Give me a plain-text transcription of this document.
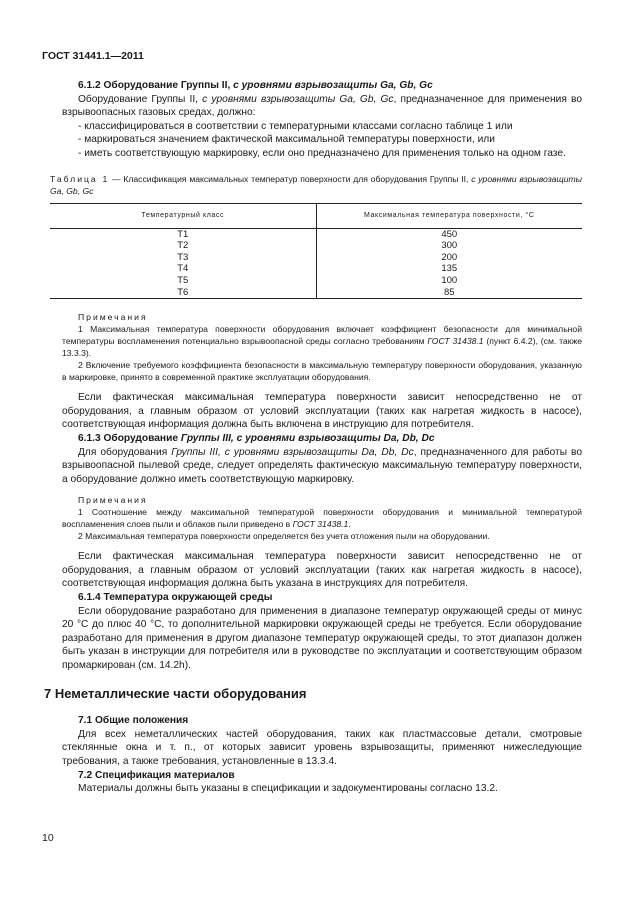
ГОСТ 31441.1—2011

6.1.2 Оборудование Группы II, с уровнями взрывозащиты Ga, Gb, Gc

Оборудование Группы II, с уровнями взрывозащиты Ga, Gb, Gc, предназначенное для применения во взрывоопасных газовых средах, должно:

- классифицироваться в соответствии с температурными классами согласно таблице 1 или

- маркироваться значением фактической максимальной температуры поверхности, или

- иметь соответствующую маркировку, если оно предназначено для применения только на одном газе.

Таблица 1 — Классификация максимальных температур поверхности для оборудования Группы II, с уровнями взрывозащиты Ga, Gb, Gc

Температурный класс	Максимальная температура поверхности, °С
T1	450
T2	300
T3	200
T4	135
T5	100
T6	85

Примечания

1 Максимальная температура поверхности оборудования включает коэффициент безопасности для минимальной температуры воспламенения потенциально взрывоопасной среды согласно требованиям ГОСТ 31438.1 (пункт 6.4.2), (см. также 13.3.3).

2 Включение требуемого коэффициента безопасности в максимальную температуру поверхности оборудования, указанную в маркировке, принято в современной практике эксплуатации оборудования.

Если фактическая максимальная температура поверхности зависит непосредственно не от оборудования, а главным образом от условий эксплуатации (таких как нагретая жидкость в насосе), соответствующая информация должна быть включена в инструкцию для потребителя.

6.1.3 Оборудование Группы III, с уровнями взрывозащиты Da, Db, Dc

Для оборудования Группы III, с уровнями взрывозащиты Da, Db, Dc, предназначенного для работы во взрывоопасной пылевой среде, следует определять фактическую максимальную температуру поверхности, а оборудование должно иметь соответствующую маркировку.

Примечания

1 Соотношение между максимальной температурой поверхности оборудования и минимальной температурой воспламенения слоев пыли и облаков пыли приведено в ГОСТ 31438.1.

2 Максимальная температура поверхности определяется без учета отложения пыли на оборудовании.

Если фактическая максимальная температура поверхности зависит непосредственно не от оборудования, а главным образом от условий эксплуатации (таких как нагретая жидкость в насосе), соответствующая информация должна быть указана в инструкциях для потребителя.

6.1.4 Температура окружающей среды

Если оборудование разработано для применения в диапазоне температур окружающей среды от минус 20 °С до плюс 40 °С, то дополнительной маркировки окружающей среды не требуется. Если оборудование разработано для применения в другом диапазоне температур окружающей среды, то этот диапазон должен быть указан в инструкции для потребителя или в руководстве по эксплуатации и соответствующим образом промаркирован (см. 14.2h).

7 Неметаллические части оборудования

7.1 Общие положения

Для всех неметаллических частей оборудования, таких как пластмассовые детали, смотровые стеклянные окна и т. п., от которых зависит уровень взрывозащиты, применяют нижеследующие требования, а также требования, установленные в 13.3.4.

7.2 Спецификация материалов

Материалы должны быть указаны в спецификации и задокументированы согласно 13.2.

10
